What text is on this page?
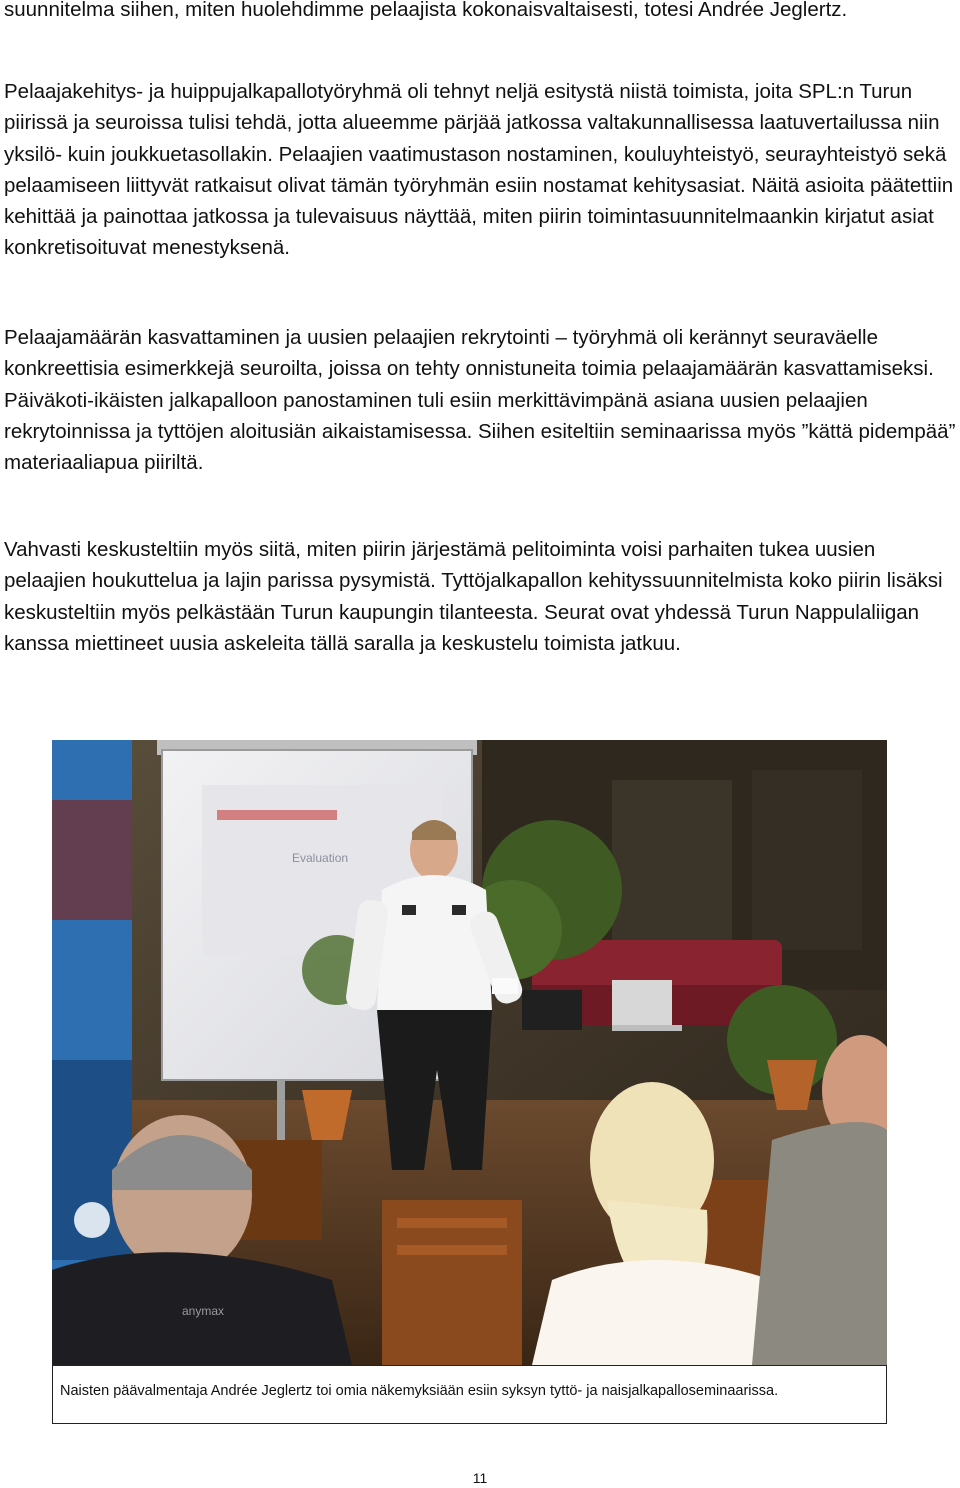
suunnitelma siihen, miten huolehdimme pelaajista kokonaisvaltaisesti, totesi Andrée Jeglertz.

Pelaajakehitys- ja huippujalkapallotyöryhmä oli tehnyt neljä esitystä niistä toimista, joita SPL:n Turun piirissä ja seuroissa tulisi tehdä, jotta alueemme pärjää jatkossa valtakunnallisessa laatuvertailussa niin yksilö- kuin joukkuetasollakin. Pelaajien vaatimustason nostaminen, kouluyhteistyö, seurayhteistyö sekä pelaamiseen liittyvät ratkaisut olivat tämän työryhmän esiin nostamat kehitysasiat. Näitä asioita päätettiin kehittää ja painottaa jatkossa ja tulevaisuus näyttää, miten piirin toimintasuunnitelmaankin kirjatut asiat konkretisoituvat menestyksenä.

Pelaajamäärän kasvattaminen ja uusien pelaajien rekrytointi – työryhmä oli kerännyt seuraväelle konkreettisia esimerkkejä seuroilta, joissa on tehty onnistuneita toimia pelaajamäärän kasvattamiseksi. Päiväkoti-ikäisten jalkapalloon panostaminen tuli esiin merkittävimpänä asiana uusien pelaajien rekrytoinnissa ja tyttöjen aloitusiän aikaistamisessa. Siihen esiteltiin seminaarissa myös ”kättä pidempää” materiaaliapua piiriltä.

Vahvasti keskusteltiin myös siitä, miten piirin järjestämä pelitoiminta voisi parhaiten tukea uusien pelaajien houkuttelua ja lajin parissa pysymistä. Tyttöjalkapallon kehityssuunnitelmista koko piirin lisäksi keskusteltiin myös pelkästään Turun kaupungin tilanteesta. Seurat ovat yhdessä Turun Nappulaliigan kanssa miettineet uusia askeleita tällä saralla ja keskustelu toimista jatkuu.

Evaluation
anymax
Naisten päävalmentaja Andrée Jeglertz toi omia näkemyksiään esiin syksyn tyttö- ja naisjalkapalloseminaarissa.
11
